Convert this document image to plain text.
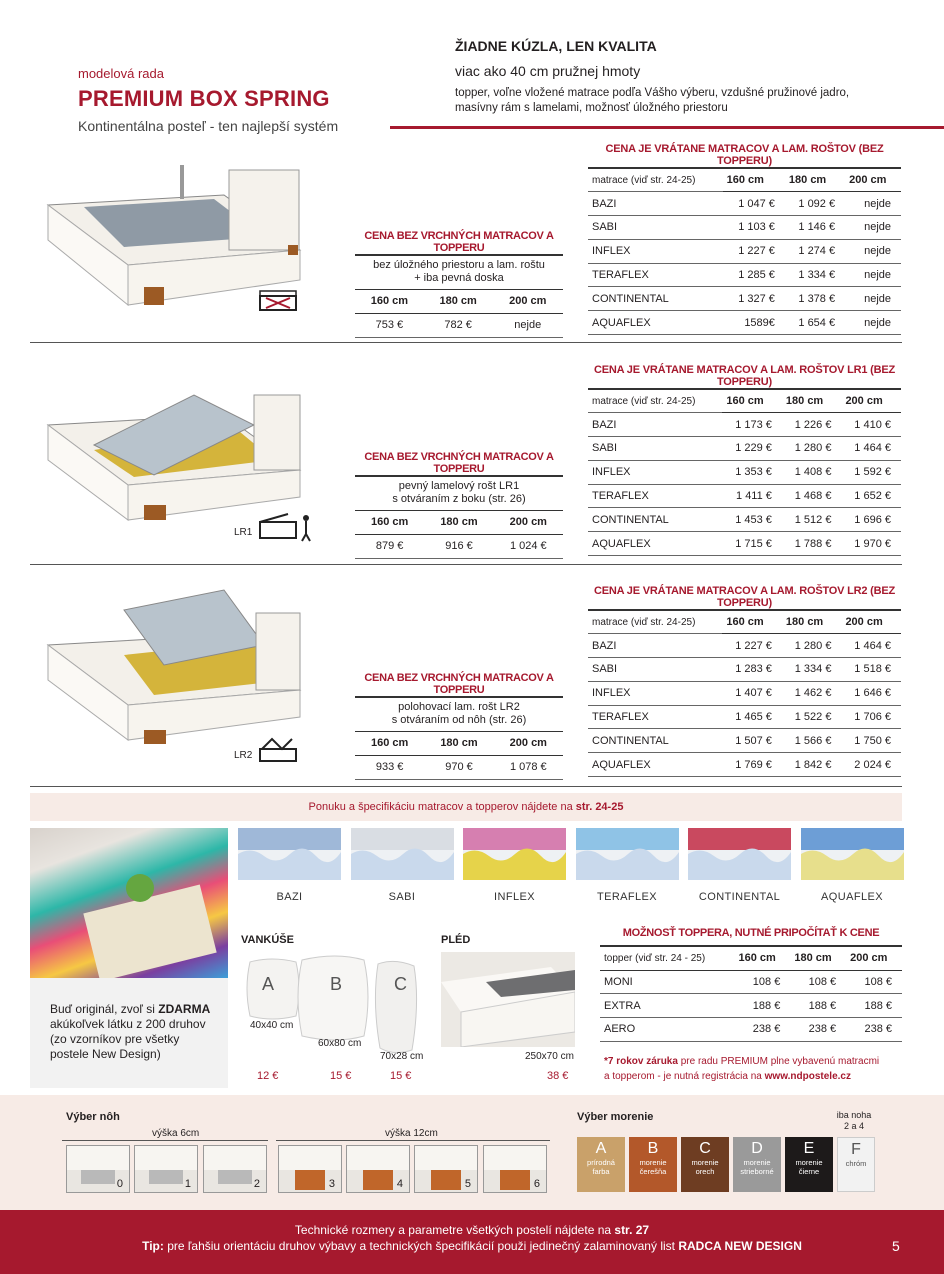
modelová rada
PREMIUM BOX SPRING
Kontinentálna posteľ - ten najlepší systém
ŽIADNE KÚZLA, LEN KVALITA
viac ako 40 cm pružnej hmoty
topper, voľne vložené matrace podľa Vášho výberu, vzdušné pružinové jadro,
masívny rám s lamelami, možnosť úložného priestoru
LR1
LR2
CENA BEZ VRCHNÝCH MATRACOV A TOPPERU		

bez úložného priestoru a lam. roštu
+ iba pevná doska		

160 cm	180 cm	200 cm
753 €	782 €	nejde
CENA BEZ VRCHNÝCH MATRACOV A TOPPERU		

pevný lamelový rošt LR1
s otváraním z boku (str. 26)		

160 cm	180 cm	200 cm
879 €	916 €	1 024 €
CENA BEZ VRCHNÝCH MATRACOV A TOPPERU		

polohovací lam. rošt LR2
s otváraním od nôh (str. 26)		

160 cm	180 cm	200 cm
933 €	970 €	1 078 €
CENA JE VRÁTANE MATRACOV A LAM. ROŠTOV (BEZ TOPPERU)			
matrace (viď str. 24-25)	160 cm	180 cm	200 cm
BAZI	1 047 €	1 092 €	nejde
SABI	1 103 €	1 146 €	nejde
INFLEX	1 227 €	1 274 €	nejde
TERAFLEX	1 285 €	1 334 €	nejde
CONTINENTAL	1 327 €	1 378 €	nejde
AQUAFLEX	1589€	1 654 €	nejde
CENA JE VRÁTANE MATRACOV A LAM. ROŠTOV LR1 (BEZ TOPPERU)			
matrace (viď str. 24-25)	160 cm	180 cm	200 cm
BAZI	1 173 €	1 226 €	1 410 €
SABI	1 229 €	1 280 €	1 464 €
INFLEX	1 353 €	1 408 €	1 592 €
TERAFLEX	1 411 €	1 468 €	1 652 €
CONTINENTAL	1 453 €	1 512 €	1 696 €
AQUAFLEX	1 715 €	1 788 €	1 970 €
CENA JE VRÁTANE MATRACOV A LAM. ROŠTOV LR2 (BEZ TOPPERU)			
matrace (viď str. 24-25)	160 cm	180 cm	200 cm
BAZI	1 227 €	1 280 €	1 464 €
SABI	1 283 €	1 334 €	1 518 €
INFLEX	1 407 €	1 462 €	1 646 €
TERAFLEX	1 465 €	1 522 €	1 706 €
CONTINENTAL	1 507 €	1 566 €	1 750 €
AQUAFLEX	1 769 €	1 842 €	2 024 €
Ponuku a špecifikáciu matracov a topperov nájdete na str. 24-25
Buď originál, zvoľ si ZDARMA
akúkoľvek látku z 200 druhov
(zo vzorníkov pre všetky
postele New Design)
BAZI	SABI	INFLEX	TERAFLEX	CONTINENTAL	AQUAFLEX
VANKÚŠE
A	B	C
40x40 cm
60x80 cm
70x28 cm
12 €	15 €	15 €
PLÉD
250x70 cm
38 €
MOŽNOSŤ TOPPERA, NUTNÉ PRIPOČÍTAŤ K CENE
topper (viď str. 24 - 25)	160 cm	180 cm	200 cm
MONI	108 €	108 €	108 €
EXTRA	188 €	188 €	188 €
AERO	238 €	238 €	238 €
*7 rokov záruka pre radu PREMIUM plne vybavenú matracmi
a topperom - je nutná registrácia na www.ndpostele.cz
Výber nôh
výška 6cm	výška 12cm
0	1	2	3	4	5	6
Výber morenie	iba noha
2 a 4
A
prírodná
farba
B
morenie
čerešňa
C
morenie
orech
D
morenie
strieborné
E
morenie
čierne
F
chróm
Technické rozmery a parametre všetkých postelí nájdete na str. 27
Tip: pre ľahšiu orientáciu druhov výbavy a technických špecifikácií použi jedinečný zalaminovaný list RADCA NEW DESIGN	5
